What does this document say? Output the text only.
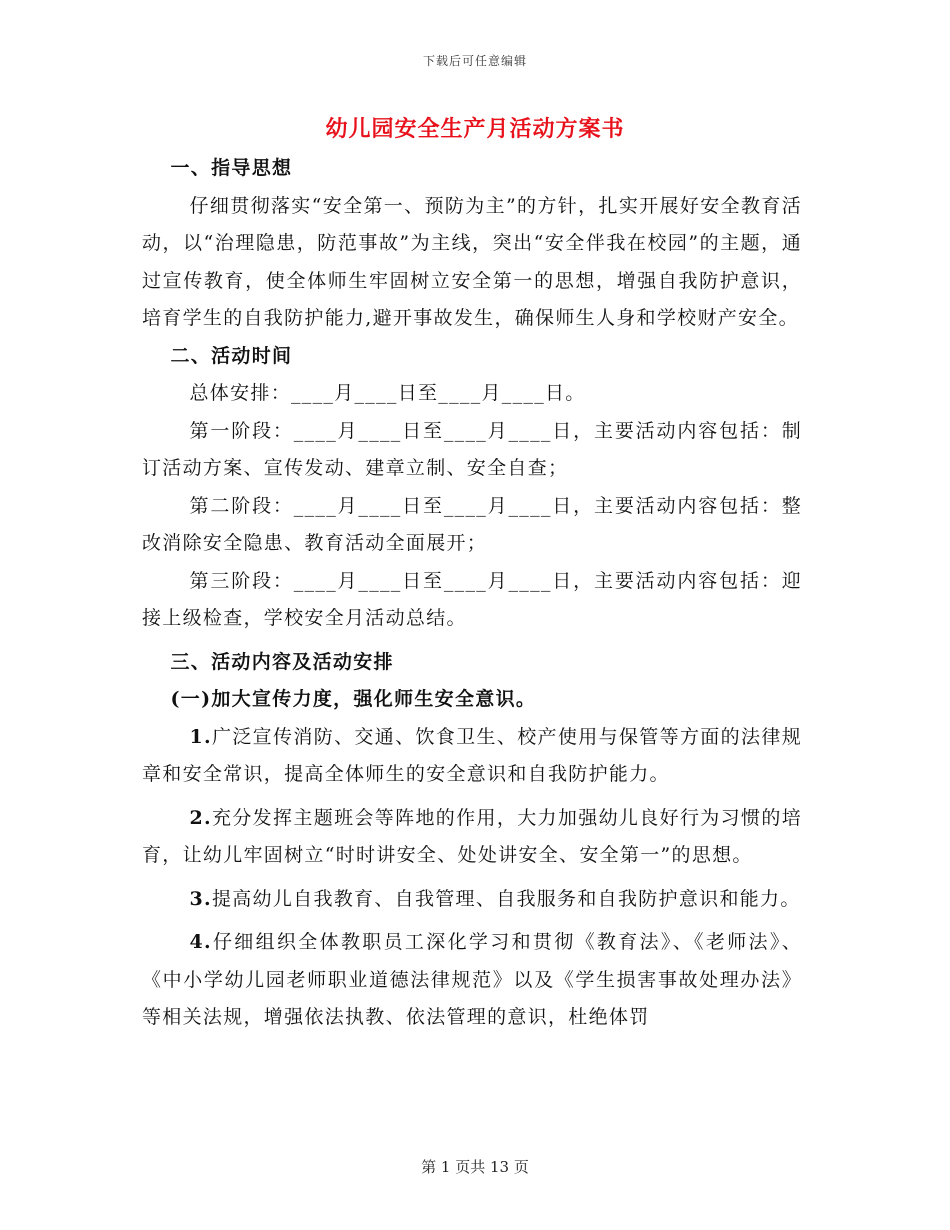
下载后可任意编辑
幼儿园安全生产月活动方案书

一、指导思想

仔细贯彻落实“安全第一、预防为主”的方针，扎实开展好安全教育活动，以“治理隐患，防范事故”为主线，突出“安全伴我在校园”的主题，通过宣传教育，使全体师生牢固树立安全第一的思想，增强自我防护意识，培育学生的自我防护能力,避开事故发生，确保师生人身和学校财产安全。

二、活动时间

总体安排：____月____日至____月____日。

第一阶段：____月____日至____月____日，主要活动内容包括：制订活动方案、宣传发动、建章立制、安全自查；

第二阶段：____月____日至____月____日，主要活动内容包括：整改消除安全隐患、教育活动全面展开；

第三阶段：____月____日至____月____日，主要活动内容包括：迎接上级检查，学校安全月活动总结。

三、活动内容及活动安排

(一)加大宣传力度，强化师生安全意识。

1.广泛宣传消防、交通、饮食卫生、校产使用与保管等方面的法律规章和安全常识，提高全体师生的安全意识和自我防护能力。

2.充分发挥主题班会等阵地的作用，大力加强幼儿良好行为习惯的培育，让幼儿牢固树立“时时讲安全、处处讲安全、安全第一”的思想。

3.提高幼儿自我教育、自我管理、自我服务和自我防护意识和能力。

4.仔细组织全体教职员工深化学习和贯彻《教育法》、《老师法》、《中小学幼儿园老师职业道德法律规范》以及《学生损害事故处理办法》等相关法规，增强依法执教、依法管理的意识，杜绝体罚

第 1 页共 13 页
